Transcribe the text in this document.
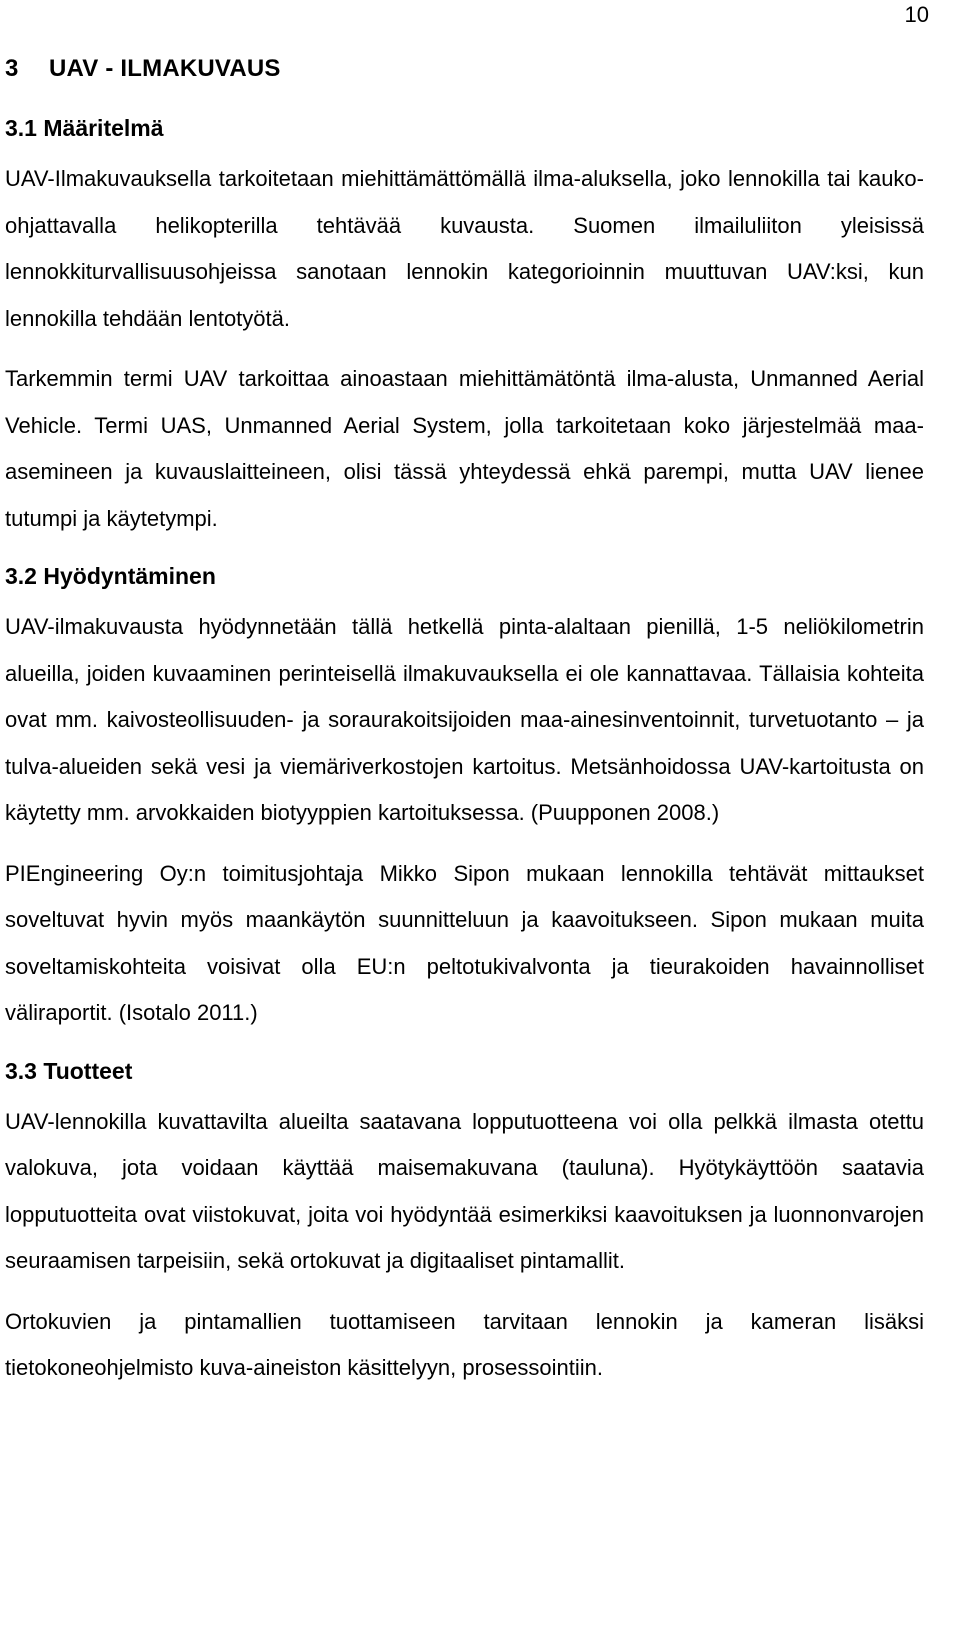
10
3 UAV - ILMAKUVAUS
3.1 Määritelmä

UAV-Ilmakuvauksella tarkoitetaan miehittämättömällä ilma-aluksella, joko lennokilla tai kauko-ohjattavalla helikopterilla tehtävää kuvausta. Suomen ilmailuliiton yleisissä lennokkiturvallisuusohjeissa sanotaan lennokin kategorioinnin muuttuvan UAV:ksi, kun lennokilla tehdään lentotyötä.

Tarkemmin termi UAV tarkoittaa ainoastaan miehittämätöntä ilma-alusta, Unmanned Aerial Vehicle. Termi UAS, Unmanned Aerial System, jolla tarkoitetaan koko järjestelmää maa-asemineen ja kuvauslaitteineen, olisi tässä yhteydessä ehkä parempi, mutta UAV lienee tutumpi ja käytetympi.

3.2 Hyödyntäminen

UAV-ilmakuvausta hyödynnetään tällä hetkellä pinta-alaltaan pienillä, 1-5 neliökilometrin alueilla, joiden kuvaaminen perinteisellä ilmakuvauksella ei ole kannattavaa. Tällaisia kohteita ovat mm. kaivosteollisuuden- ja soraurakoitsijoiden maa-ainesinventoinnit, turvetuotanto – ja tulva-alueiden sekä vesi ja viemäriverkostojen kartoitus. Metsänhoidossa UAV-kartoitusta on käytetty mm. arvokkaiden biotyyppien kartoituksessa. (Puupponen 2008.)

PIEngineering Oy:n toimitusjohtaja Mikko Sipon mukaan lennokilla tehtävät mittaukset soveltuvat hyvin myös maankäytön suunnitteluun ja kaavoitukseen. Sipon mukaan muita soveltamiskohteita voisivat olla EU:n peltotukivalvonta ja tieurakoiden havainnolliset väliraportit. (Isotalo 2011.)

3.3 Tuotteet

UAV-lennokilla kuvattavilta alueilta saatavana lopputuotteena voi olla pelkkä ilmasta otettu valokuva, jota voidaan käyttää maisemakuvana (tauluna). Hyötykäyttöön saatavia lopputuotteita ovat viistokuvat, joita voi hyödyntää esimerkiksi kaavoituksen ja luonnonvarojen seuraamisen tarpeisiin, sekä ortokuvat ja digitaaliset pintamallit.

Ortokuvien ja pintamallien tuottamiseen tarvitaan lennokin ja kameran lisäksi tietokoneohjelmisto kuva-aineiston käsittelyyn, prosessointiin.
